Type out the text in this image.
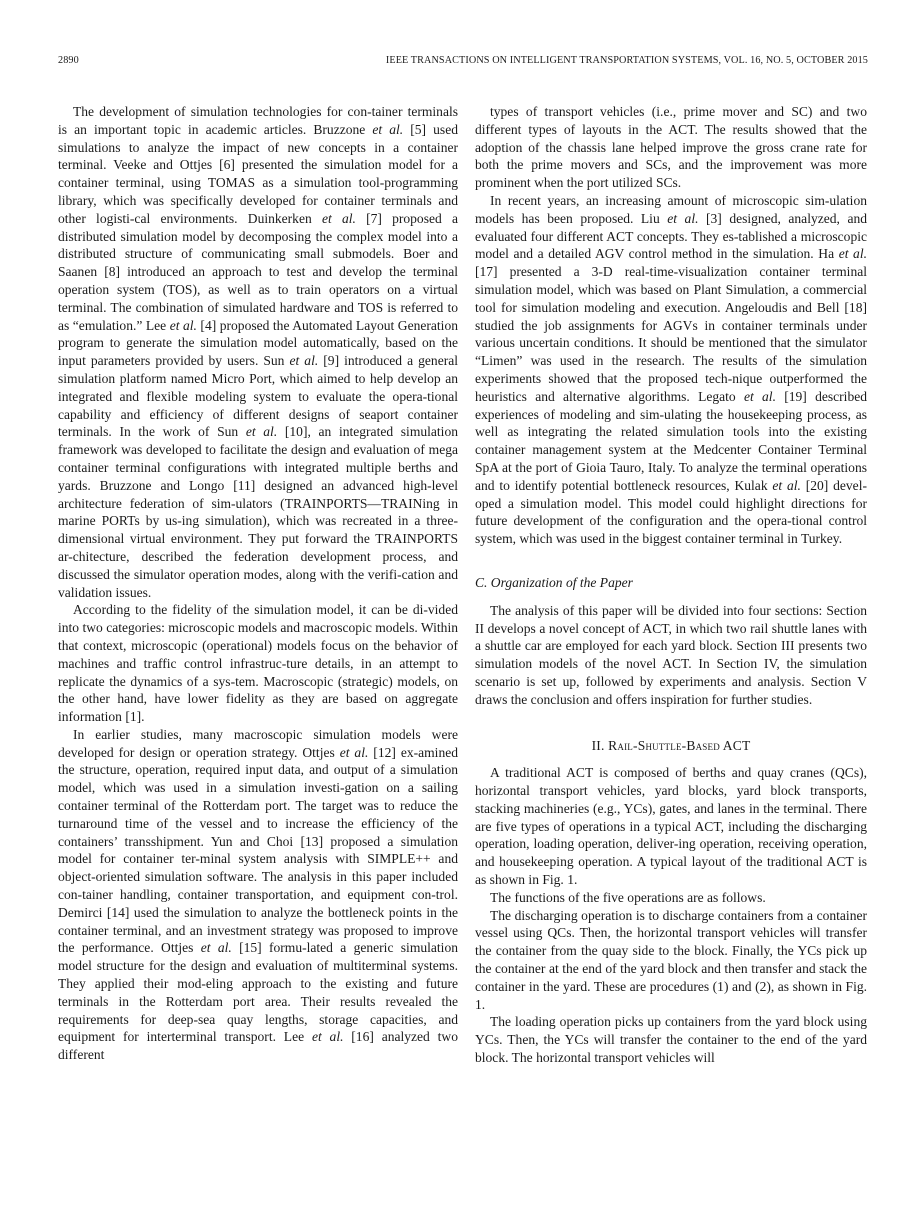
2890	IEEE TRANSACTIONS ON INTELLIGENT TRANSPORTATION SYSTEMS, VOL. 16, NO. 5, OCTOBER 2015

The development of simulation technologies for con-tainer terminals is an important topic in academic articles. Bruzzone et al. [5] used simulations to analyze the impact of new concepts in a container terminal. Veeke and Ottjes [6] presented the simulation model for a container terminal, using TOMAS as a simulation tool-programming library, which was specifically developed for container terminals and other logisti-cal environments. Duinkerken et al. [7] proposed a distributed simulation model by decomposing the complex model into a distributed structure of communicating small submodels. Boer and Saanen [8] introduced an approach to test and develop the terminal operation system (TOS), as well as to train operators on a virtual terminal. The combination of simulated hardware and TOS is referred to as “emulation.” Lee et al. [4] proposed the Automated Layout Generation program to generate the simulation model automatically, based on the input parameters provided by users. Sun et al. [9] introduced a general simulation platform named Micro Port, which aimed to help develop an integrated and flexible modeling system to evaluate the opera-tional capability and efficiency of different designs of seaport container terminals. In the work of Sun et al. [10], an integrated simulation framework was developed to facilitate the design and evaluation of mega container terminal configurations with integrated multiple berths and yards. Bruzzone and Longo [11] designed an advanced high-level architecture federation of sim-ulators (TRAINPORTS—TRAINing in marine PORTs by us-ing simulation), which was recreated in a three-dimensional virtual environment. They put forward the TRAINPORTS ar-chitecture, described the federation development process, and discussed the simulator operation modes, along with the verifi-cation and validation issues.

According to the fidelity of the simulation model, it can be di-vided into two categories: microscopic models and macroscopic models. Within that context, microscopic (operational) models focus on the behavior of machines and traffic control infrastruc-ture details, in an attempt to replicate the dynamics of a sys-tem. Macroscopic (strategic) models, on the other hand, have lower fidelity as they are based on aggregate information [1].

In earlier studies, many macroscopic simulation models were developed for design or operation strategy. Ottjes et al. [12] ex-amined the structure, operation, required input data, and output of a simulation model, which was used in a simulation investi-gation on a sailing container terminal of the Rotterdam port. The target was to reduce the turnaround time of the vessel and to increase the efficiency of the containers’ transshipment. Yun and Choi [13] proposed a simulation model for container ter-minal system analysis with SIMPLE++ and object-oriented simulation software. The analysis in this paper included con-tainer handling, container transportation, and equipment con-trol. Demirci [14] used the simulation to analyze the bottleneck points in the container terminal, and an investment strategy was proposed to improve the performance. Ottjes et al. [15] formu-lated a generic simulation model structure for the design and evaluation of multiterminal systems. They applied their mod-eling approach to the existing and future terminals in the Rotterdam port area. Their results revealed the requirements for deep-sea quay lengths, storage capacities, and equipment for interterminal transport. Lee et al. [16] analyzed two different

types of transport vehicles (i.e., prime mover and SC) and two different types of layouts in the ACT. The results showed that the adoption of the chassis lane helped improve the gross crane rate for both the prime movers and SCs, and the improvement was more prominent when the port utilized SCs.

In recent years, an increasing amount of microscopic sim-ulation models has been proposed. Liu et al. [3] designed, analyzed, and evaluated four different ACT concepts. They es-tablished a microscopic model and a detailed AGV control method in the simulation. Ha et al. [17] presented a 3-D real-time-visualization container terminal simulation model, which was based on Plant Simulation, a commercial tool for simulation modeling and execution. Angeloudis and Bell [18] studied the job assignments for AGVs in container terminals under various uncertain conditions. It should be mentioned that the simulator “Limen” was used in the research. The results of the simulation experiments showed that the proposed tech-nique outperformed the heuristics and alternative algorithms. Legato et al. [19] described experiences of modeling and sim-ulating the housekeeping process, as well as integrating the related simulation tools into the existing container management system at the Medcenter Container Terminal SpA at the port of Gioia Tauro, Italy. To analyze the terminal operations and to identify potential bottleneck resources, Kulak et al. [20] devel-oped a simulation model. This model could highlight directions for future development of the configuration and the opera-tional control system, which was used in the biggest container terminal in Turkey.

C. Organization of the Paper

The analysis of this paper will be divided into four sections: Section II develops a novel concept of ACT, in which two rail shuttle lanes with a shuttle car are employed for each yard block. Section III presents two simulation models of the novel ACT. In Section IV, the simulation scenario is set up, followed by experiments and analysis. Section V draws the conclusion and offers inspiration for further studies.

II. Rail-Shuttle-Based ACT

A traditional ACT is composed of berths and quay cranes (QCs), horizontal transport vehicles, yard blocks, yard block transports, stacking machineries (e.g., YCs), gates, and lanes in the terminal. There are five types of operations in a typical ACT, including the discharging operation, loading operation, deliver-ing operation, receiving operation, and housekeeping operation. A typical layout of the traditional ACT is as shown in Fig. 1.

The functions of the five operations are as follows.

The discharging operation is to discharge containers from a container vessel using QCs. Then, the horizontal transport vehicles will transfer the container from the quay side to the block. Finally, the YCs pick up the container at the end of the yard block and then transfer and stack the container in the yard. These are procedures (1) and (2), as shown in Fig. 1.

The loading operation picks up containers from the yard block using YCs. Then, the YCs will transfer the container to the end of the yard block. The horizontal transport vehicles will
